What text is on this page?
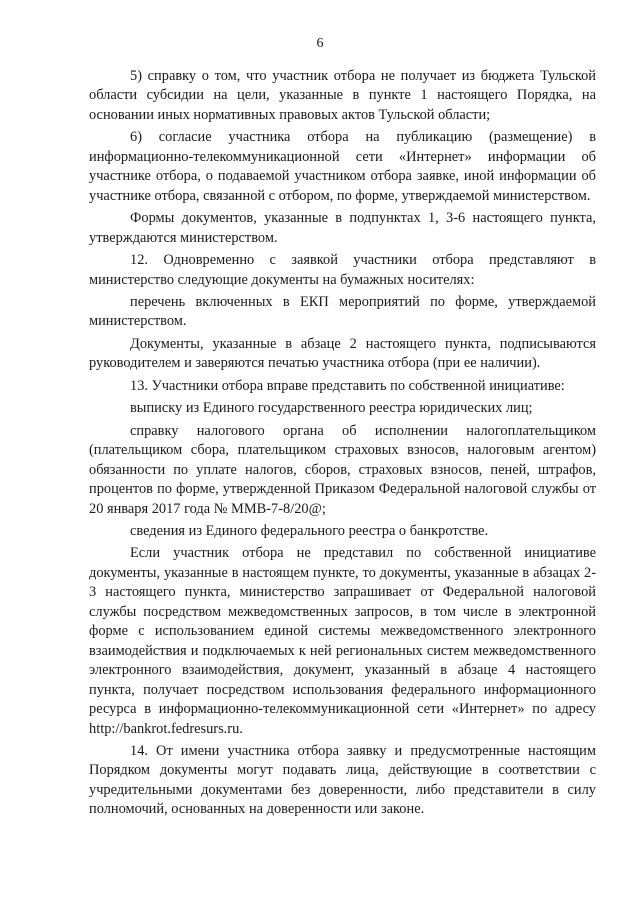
6

5) справку о том, что участник отбора не получает из бюджета Тульской области субсидии на цели, указанные в пункте 1 настоящего Порядка, на основании иных нормативных правовых актов Тульской области;

6) согласие участника отбора на публикацию (размещение) в информационно-телекоммуникационной сети «Интернет» информации об участнике отбора, о подаваемой участником отбора заявке, иной информации об участнике отбора, связанной с отбором, по форме, утверждаемой министерством.

Формы документов, указанные в подпунктах 1, 3-6 настоящего пункта, утверждаются министерством.

12. Одновременно с заявкой участники отбора представляют в министерство следующие документы на бумажных носителях:

перечень включенных в ЕКП мероприятий по форме, утверждаемой министерством.

Документы, указанные в абзаце 2 настоящего пункта, подписываются руководителем и заверяются печатью участника отбора (при ее наличии).

13. Участники отбора вправе представить по собственной инициативе:

выписку из Единого государственного реестра юридических лиц;

справку налогового органа об исполнении налогоплательщиком (плательщиком сбора, плательщиком страховых взносов, налоговым агентом) обязанности по уплате налогов, сборов, страховых взносов, пеней, штрафов, процентов по форме, утвержденной Приказом Федеральной налоговой службы от 20 января 2017 года № ММВ-7-8/20@;

сведения из Единого федерального реестра о банкротстве.

Если участник отбора не представил по собственной инициативе документы, указанные в настоящем пункте, то документы, указанные в абзацах 2-3 настоящего пункта, министерство запрашивает от Федеральной налоговой службы посредством межведомственных запросов, в том числе в электронной форме с использованием единой системы межведомственного электронного взаимодействия и подключаемых к ней региональных систем межведомственного электронного взаимодействия, документ, указанный в абзаце 4 настоящего пункта, получает посредством использования федерального информационного ресурса в информационно-телекоммуникационной сети «Интернет» по адресу http://bankrot.fedresurs.ru.

14. От имени участника отбора заявку и предусмотренные настоящим Порядком документы могут подавать лица, действующие в соответствии с учредительными документами без доверенности, либо представители в силу полномочий, основанных на доверенности или законе.
